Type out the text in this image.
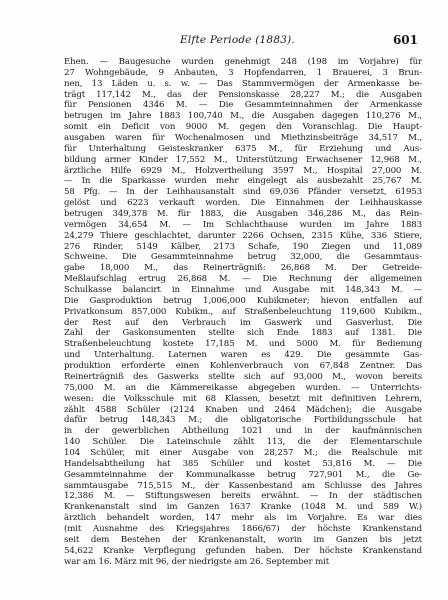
Elfte Periode (1883).	601
Ehen. — Baugesuche wurden genehmigt 248 (198 im Vorjahre) für
27 Wohngebäude, 9 Anbauten, 3 Hopfendarren, 1 Brauerei, 3 Brun-
nen, 13 Läden u. s. w. — Das Stammvermögen der Armenkasse be-
trägt 117,142 M., das der Pensionskasse 28,227 M.; die Ausgaben
für Pensionen 4346 M. — Die Gesammteinnahmen der Armenkasse
betrugen im Jahre 1883 100,740 M., die Ausgaben dagegen 110,276 M.,
somit ein Deficit von 9000 M. gegen den Voranschlag. Die Haupt-
ausgaben waren für Wochenalmosen und Miethzinsbeiträge 34,517 M.,
für Unterhaltung Geisteskranker 6375 M., für Erziehung und Aus-
bildung armer Kinder 17,552 M., Unterstützung Erwachsener 12,968 M.,
ärztliche Hilfe 6929 M., Holzvertheilung 3597 M., Hospital 27,000 M.
— In die Sparkasse wurden mehr eingelegt als ausbezahlt 25,767 M.
58 Pfg. — In der Leihhausanstalt sind 69,036 Pfänder versetzt, 61953
gelöst und 6223 verkauft worden. Die Einnahmen der Leihhauskasse
betrugen 349,378 M. für 1883, die Ausgaben 346,286 M., das Rein-
vermögen 34,654 M. — Im Schlachthause wurden im Jahre 1883
24,279 Thiere geschlachtet, darunter 2266 Ochsen, 2315 Kühe, 336 Stiere,
276 Rinder, 5149 Kälber, 2173 Schafe, 190 Ziegen und 11,089
Schweine. Die Gesammteinnahme betrug 32,000, die Gesammtaus-
gabe 18,000 M., das Reinerträgniß: 26,868 M. Der Getreide-
Meßlaufschlag ertrug 26,868 M. — Die Rechnung der allgemeinen
Schulkasse balancirt in Einnahme und Ausgabe mit 148,343 M. —
Die Gasproduktion betrug 1,006,000 Kubikmeter; hievon entfallen auf
Privatkonsum 857,000 Kubikm., auf Straßenbeleuchtung 119,600 Kubikm.,
der Rest auf den Verbrauch im Gaswerk und Gasverlust. Die
Zahl der Gaskonsumenten stellte sich Ende 1883 auf 1381. Die
Straßenbeleuchtung kostete 17,185 M. und 5000 M. für Bedienung
und Unterhaltung. Laternen waren es 429. Die gesammte Gas-
produktion erforderte einen Kohlenverbrauch von 67,848 Zentner. Das
Reinerträgniß des Gaswerks stellte sich auf 93,000 M., wovon bereits
75,000 M. an die Kämmereikasse abgegeben wurden. — Unterrichts-
wesen: die Volksschule mit 68 Klassen, besetzt mit definitiven Lehrern,
zählt 4588 Schüler (2124 Knaben und 2464 Mädchen); die Ausgabe
dafür betrug 148,343 M.; die obligatorische Fortbildungsschule hat
in der gewerblichen Abtheilung 1021 und in der kaufmännischen
140 Schüler. Die Lateinschule zählt 113, die der Elementarschule
104 Schüler, mit einer Ausgabe von 28,257 M.; die Realschule mit
Handelsabtheilung hat 385 Schüler und kostet 53,816 M. — Die
Gesammteinnahme der Kommunalkasse betrug 727,901 M., die Ge-
sammtausgabe 715,515 M., der Kassenbestand am Schlusse des Jahres
12,386 M. — Stiftungswesen bereits erwähnt. — In der städtischen
Krankenanstalt sind im Ganzen 1637 Kranke (1048 M. und 589 W.)
ärztlich behandelt worden, 147 mehr als im Vorjahre. Es war dies
(mit Ausnahme des Kriegsjahres 1866/67) der höchste Krankenstand
seit dem Bestehen der Krankenanstalt, worin im Ganzen bis jetzt
54,622 Kranke Verpflegung gefunden haben. Der höchste Krankenstand
war am 16. März mit 96, der niedrigste am 26. September mit
